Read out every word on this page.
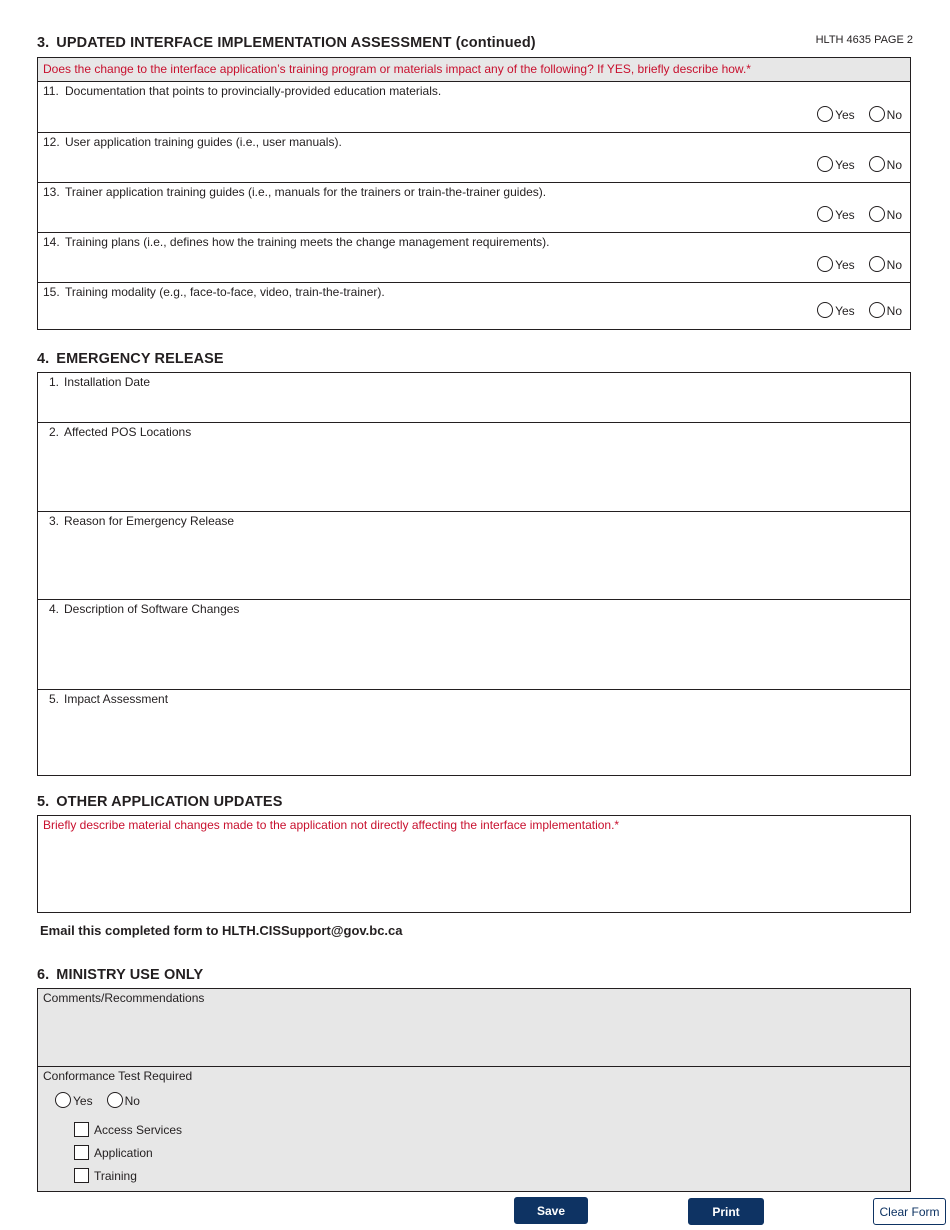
HLTH 4635 PAGE 2
3. UPDATED INTERFACE IMPLEMENTATION ASSESSMENT (continued)
Does the change to the interface application’s training program or materials impact any of the following? If YES, briefly describe how.*
11. Documentation that points to provincially-provided education materials.
Yes	No
12. User application training guides (i.e., user manuals).
Yes	No
13. Trainer application training guides (i.e., manuals for the trainers or train-the-trainer guides).
Yes	No
14. Training plans (i.e., defines how the training meets the change management requirements).
Yes	No
15. Training modality (e.g., face-to-face, video, train-the-trainer).
Yes	No
4. EMERGENCY RELEASE
1. Installation Date
2. Affected POS Locations
3. Reason for Emergency Release
4. Description of Software Changes
5. Impact Assessment
5. OTHER APPLICATION UPDATES
Briefly describe material changes made to the application not directly affecting the interface implementation.*
Email this completed form to HLTH.CISSupport@gov.bc.ca
6. MINISTRY USE ONLY
Comments/Recommendations
Conformance Test Required
Yes	No
Access Services
Application
Training
Save	Print	Clear Form
